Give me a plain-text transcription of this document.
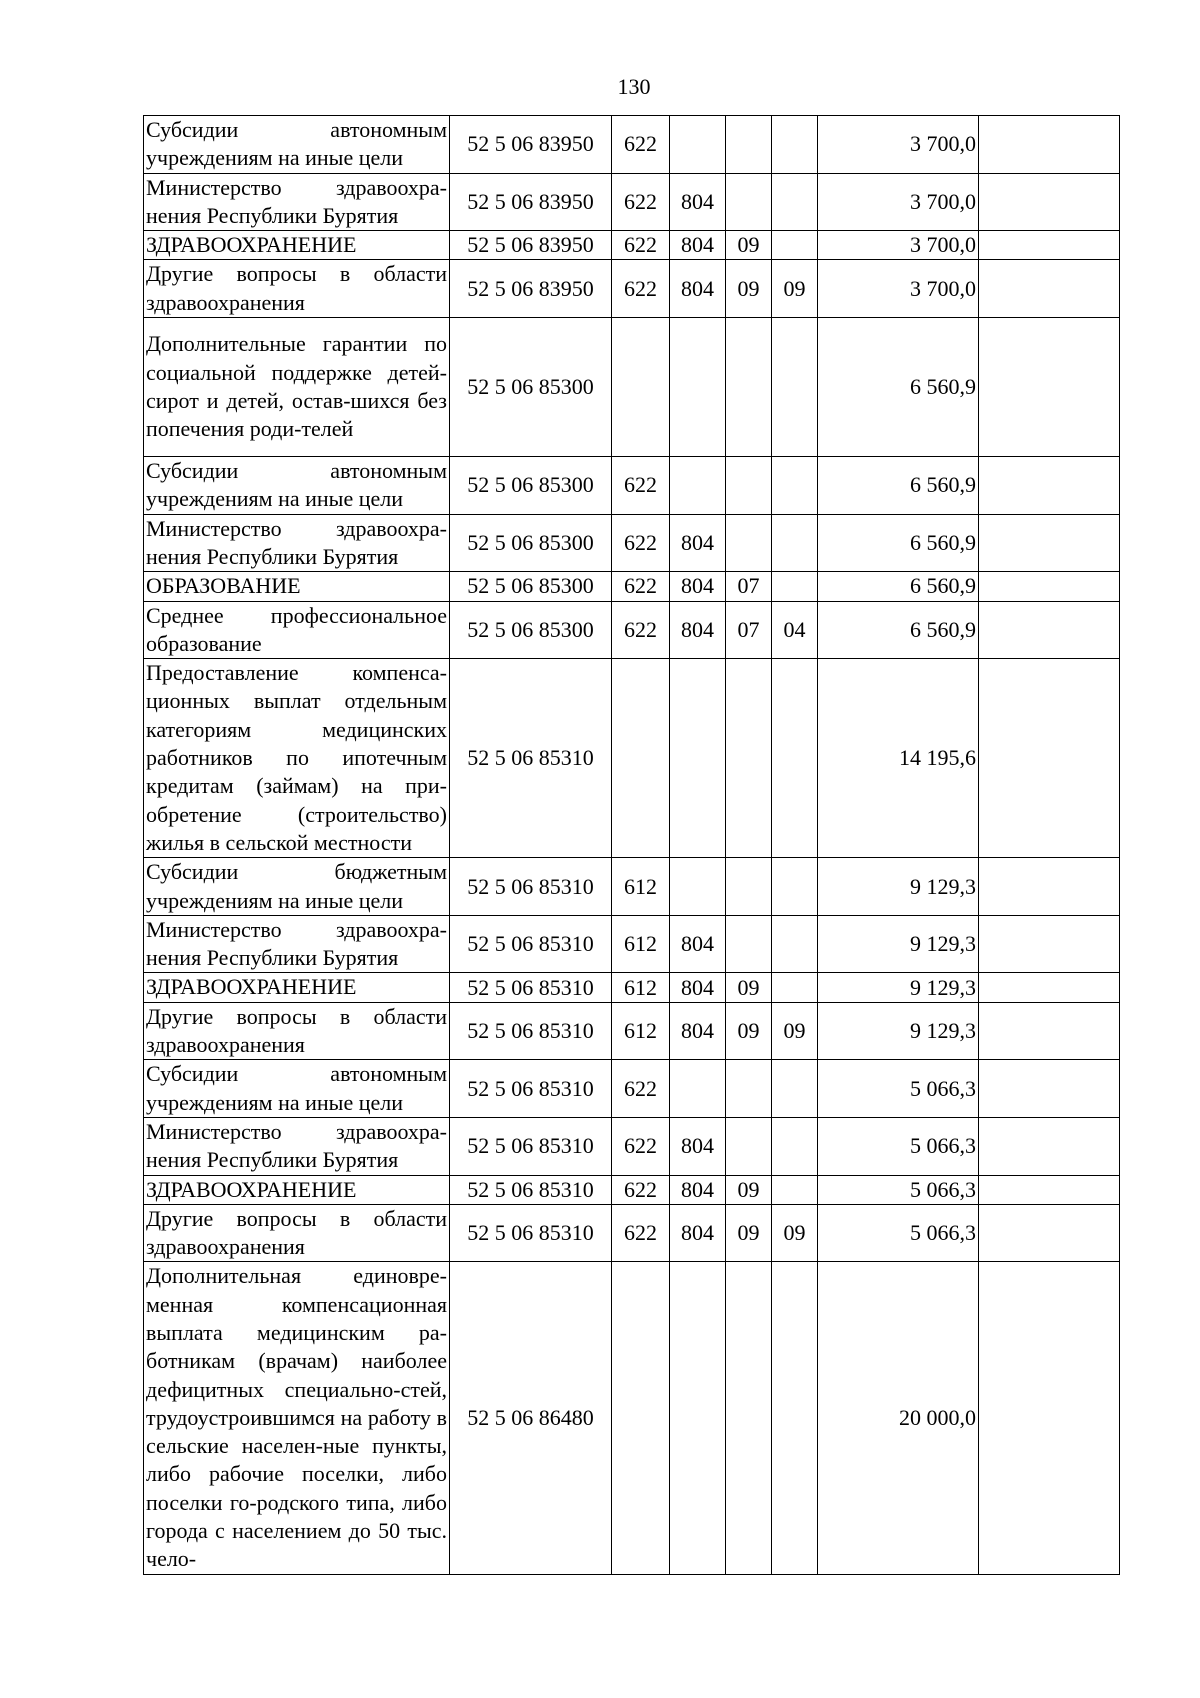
130
Субсидии автономным учреждениям на иные цели	52 5 06 83950	622				3 700,0	
Министерство здравоохра-нения Республики Бурятия	52 5 06 83950	622	804			3 700,0	
ЗДРАВООХРАНЕНИЕ	52 5 06 83950	622	804	09		3 700,0	
Другие вопросы в области здравоохранения	52 5 06 83950	622	804	09	09	3 700,0	
Дополнительные гарантии по социальной поддержке детей-сирот и детей, остав-шихся без попечения роди-телей	52 5 06 85300					6 560,9	
Субсидии автономным учреждениям на иные цели	52 5 06 85300	622				6 560,9	
Министерство здравоохра-нения Республики Бурятия	52 5 06 85300	622	804			6 560,9	
ОБРАЗОВАНИЕ	52 5 06 85300	622	804	07		6 560,9	
Среднее профессиональное образование	52 5 06 85300	622	804	07	04	6 560,9	
Предоставление компенса-ционных выплат отдельным категориям медицинских работников по ипотечным кредитам (займам) на при-обретение (строительство) жилья в сельской местности	52 5 06 85310					14 195,6	
Субсидии бюджетным учреждениям на иные цели	52 5 06 85310	612				9 129,3	
Министерство здравоохра-нения Республики Бурятия	52 5 06 85310	612	804			9 129,3	
ЗДРАВООХРАНЕНИЕ	52 5 06 85310	612	804	09		9 129,3	
Другие вопросы в области здравоохранения	52 5 06 85310	612	804	09	09	9 129,3	
Субсидии автономным учреждениям на иные цели	52 5 06 85310	622				5 066,3	
Министерство здравоохра-нения Республики Бурятия	52 5 06 85310	622	804			5 066,3	
ЗДРАВООХРАНЕНИЕ	52 5 06 85310	622	804	09		5 066,3	
Другие вопросы в области здравоохранения	52 5 06 85310	622	804	09	09	5 066,3	
Дополнительная единовре-менная компенсационная выплата медицинским ра-ботникам (врачам) наиболее дефицитных специально-стей, трудоустроившимся на работу в сельские населен-ные пункты, либо рабочие поселки, либо поселки го-родского типа, либо города с населением до 50 тыс. чело-	52 5 06 86480					20 000,0	
